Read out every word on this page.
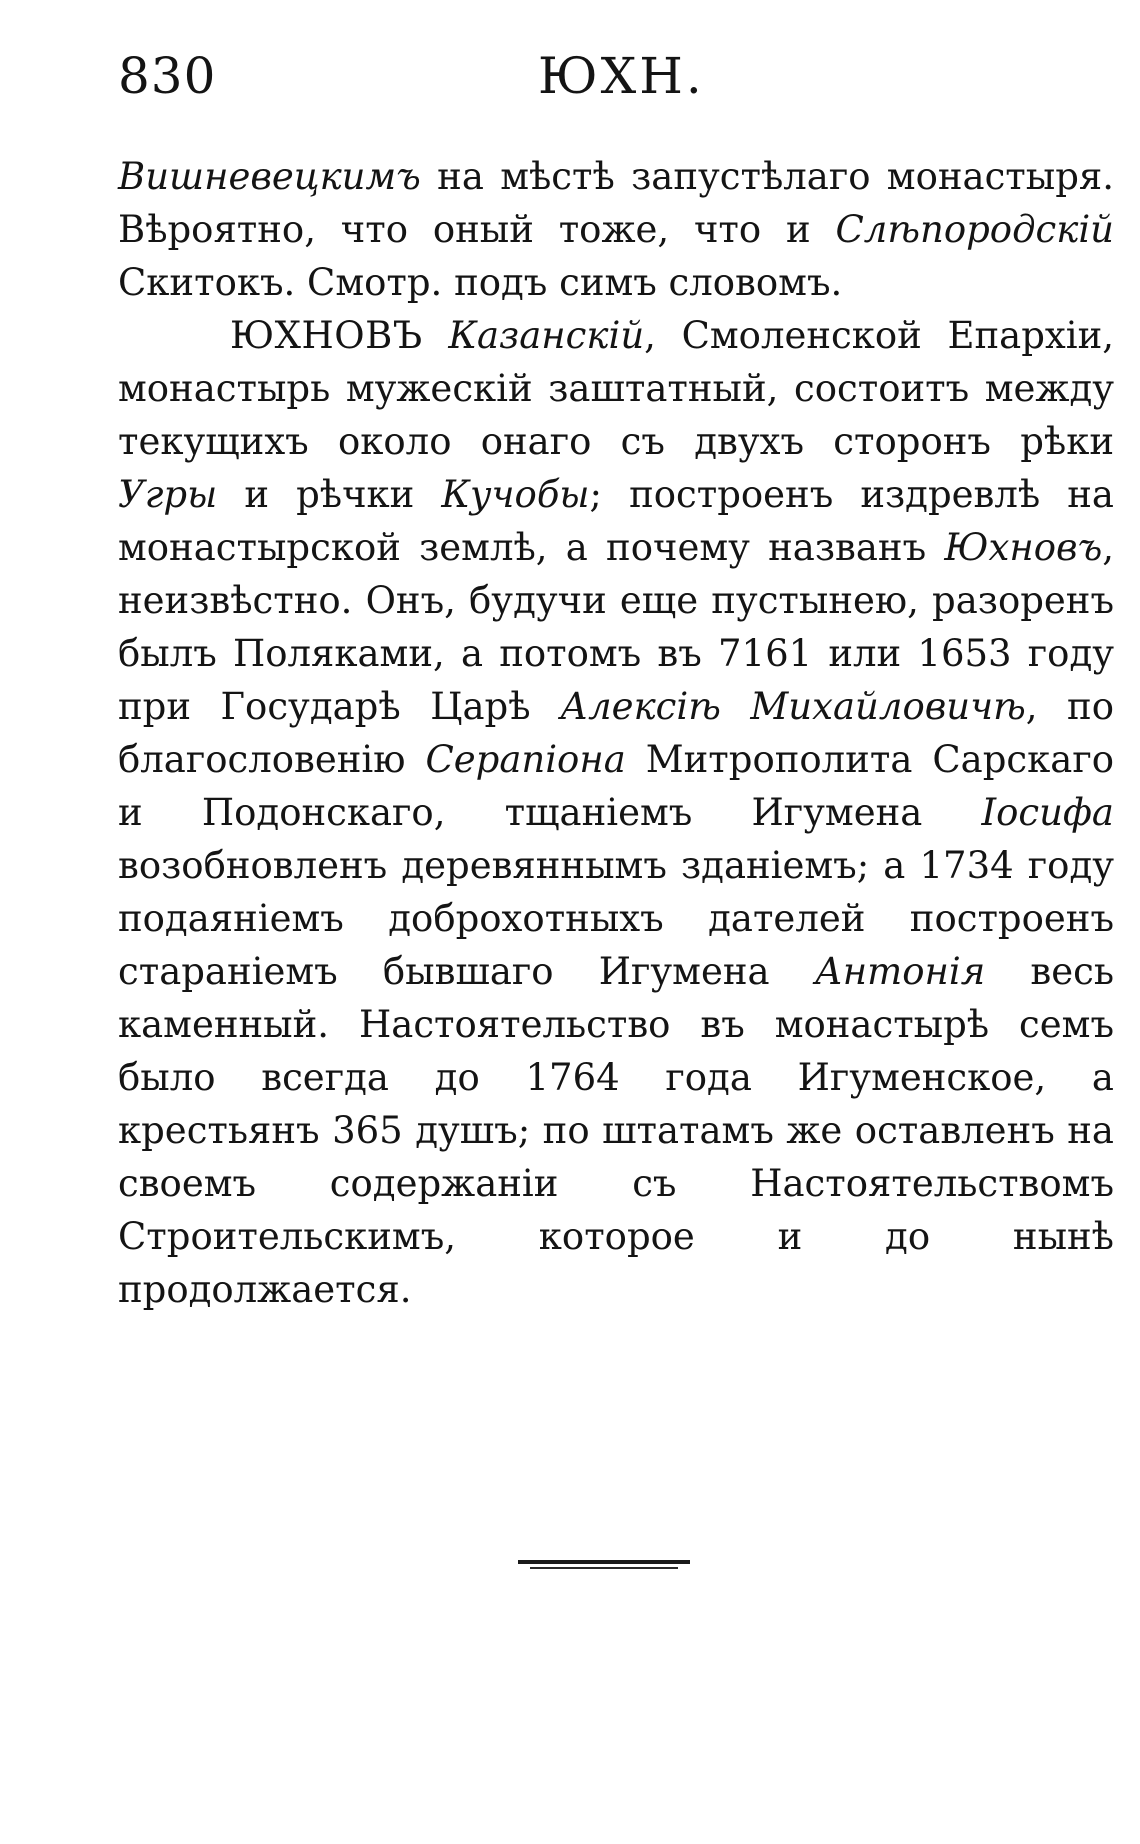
830	ЮХН.

Вишневецкимъ на мѣстѣ запустѣлаго монастыря. Вѣроятно, что оный тоже, что и Слѣпородскій Скитокъ. Смотр. подъ симъ словомъ.

ЮХНОВЪ Казанскій, Смоленской Епархіи, монастырь мужескій заштатный, состоитъ между текущихъ около онаго съ двухъ сторонъ рѣки Угры и рѣчки Кучобы; построенъ издревлѣ на монастырской землѣ, а почему названъ Юхновъ, неизвѣстно. Онъ, будучи еще пустынею, разоренъ былъ Поляками, а потомъ въ 7161 или 1653 году при Государѣ Царѣ Алексіѣ Михайловичѣ, по благословенію Серапіона Митрополита Сарскаго и Подонскаго, тщаніемъ Игумена Іосифа возобновленъ деревяннымъ зданіемъ; а 1734 году подаяніемъ доброхотныхъ датeлей построенъ стараніемъ бывшаго Игумена Антонія весь каменный. Настоятельство въ монастырѣ семъ было всегда до 1764 года Игуменское, а крестьянъ 365 душъ; по штатамъ же оставленъ на своемъ содержаніи съ Настоятельствомъ Строительскимъ, которое и до нынѣ продолжается.
